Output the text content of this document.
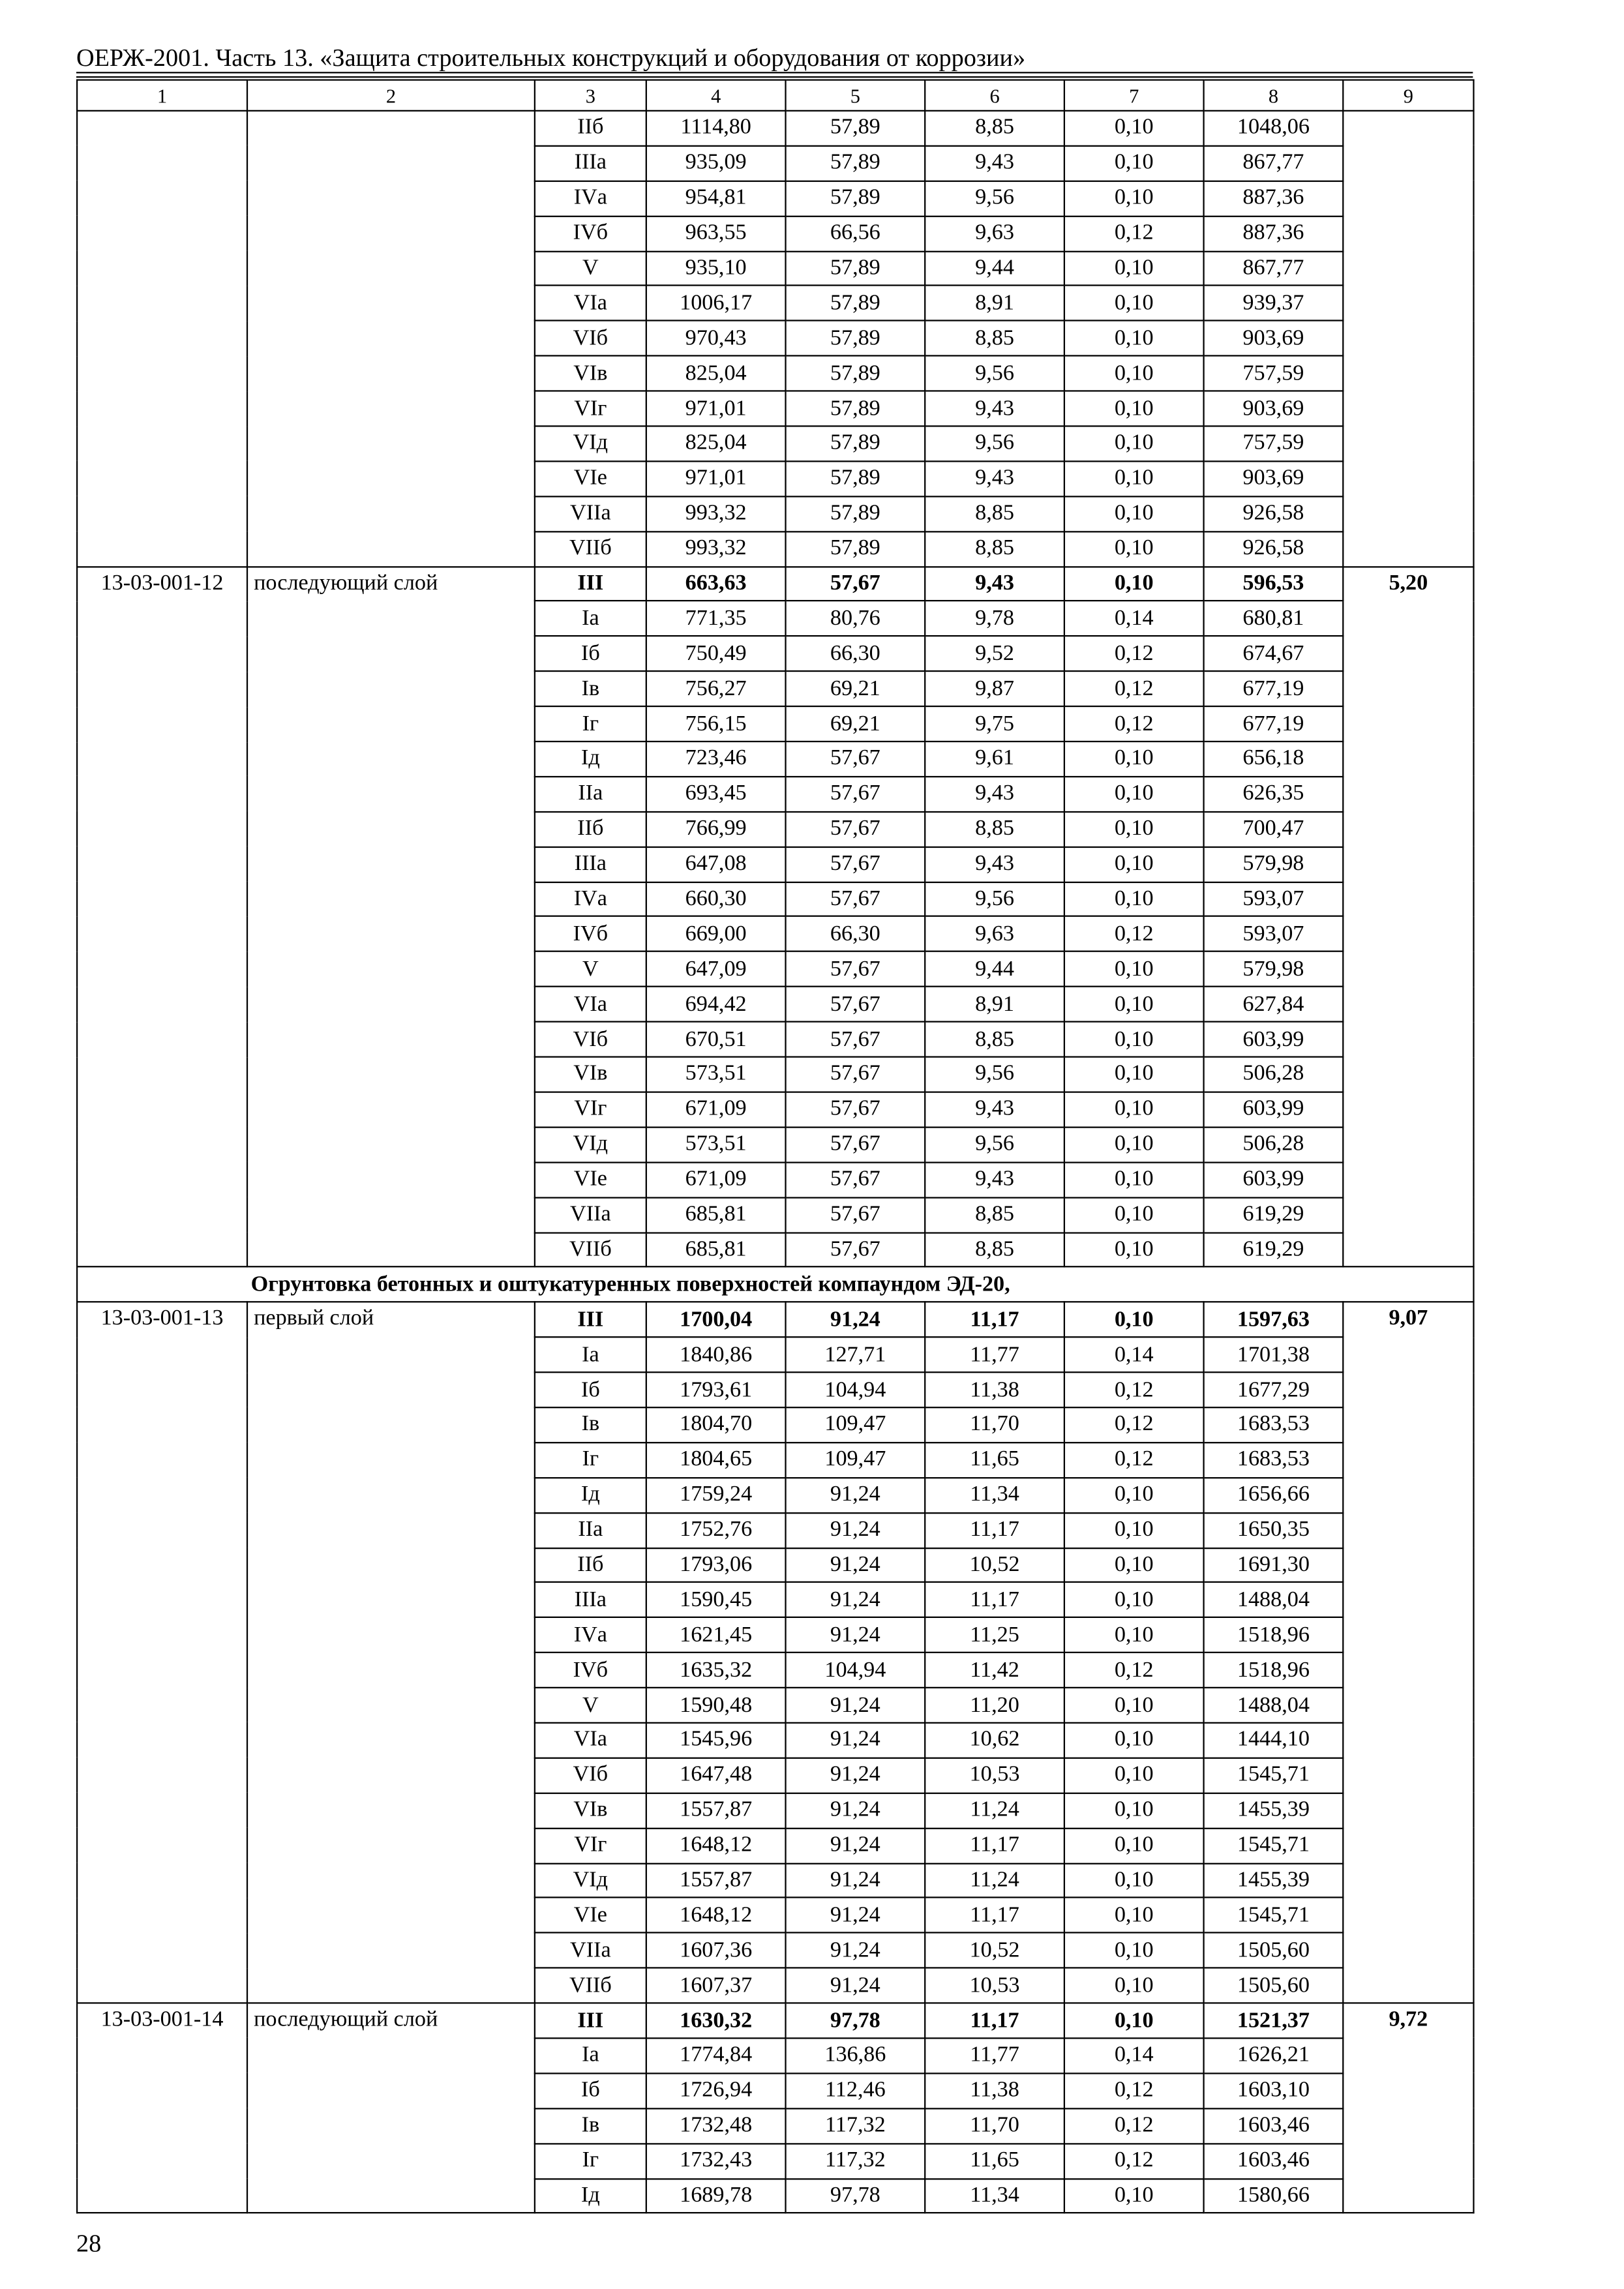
ОЕРЖ-2001. Часть 13. «Защита строительных конструкций и оборудования от коррозии»
1	2	3	4	5	6	7	8	9
		IIб	1114,80	57,89	8,85	0,10	1048,06	
		IIIа	935,09	57,89	9,43	0,10	867,77	
		IVа	954,81	57,89	9,56	0,10	887,36	
		IVб	963,55	66,56	9,63	0,12	887,36	
		V	935,10	57,89	9,44	0,10	867,77	
		VIа	1006,17	57,89	8,91	0,10	939,37	
		VIб	970,43	57,89	8,85	0,10	903,69	
		VIв	825,04	57,89	9,56	0,10	757,59	
		VIг	971,01	57,89	9,43	0,10	903,69	
		VIд	825,04	57,89	9,56	0,10	757,59	
		VIе	971,01	57,89	9,43	0,10	903,69	
		VIIа	993,32	57,89	8,85	0,10	926,58	
		VIIб	993,32	57,89	8,85	0,10	926,58	
13-03-001-12	последующий слой	III	663,63	57,67	9,43	0,10	596,53	5,20
		Iа	771,35	80,76	9,78	0,14	680,81	
		Iб	750,49	66,30	9,52	0,12	674,67	
		Iв	756,27	69,21	9,87	0,12	677,19	
		Iг	756,15	69,21	9,75	0,12	677,19	
		Iд	723,46	57,67	9,61	0,10	656,18	
		IIа	693,45	57,67	9,43	0,10	626,35	
		IIб	766,99	57,67	8,85	0,10	700,47	
		IIIа	647,08	57,67	9,43	0,10	579,98	
		IVа	660,30	57,67	9,56	0,10	593,07	
		IVб	669,00	66,30	9,63	0,12	593,07	
		V	647,09	57,67	9,44	0,10	579,98	
		VIа	694,42	57,67	8,91	0,10	627,84	
		VIб	670,51	57,67	8,85	0,10	603,99	
		VIв	573,51	57,67	9,56	0,10	506,28	
		VIг	671,09	57,67	9,43	0,10	603,99	
		VIд	573,51	57,67	9,56	0,10	506,28	
		VIе	671,09	57,67	9,43	0,10	603,99	
		VIIа	685,81	57,67	8,85	0,10	619,29	
		VIIб	685,81	57,67	8,85	0,10	619,29	
Огрунтовка бетонных и оштукатуренных поверхностей компаундом ЭД-20,								
13-03-001-13	первый слой	III	1700,04	91,24	11,17	0,10	1597,63	9,07
		Iа	1840,86	127,71	11,77	0,14	1701,38	
		Iб	1793,61	104,94	11,38	0,12	1677,29	
		Iв	1804,70	109,47	11,70	0,12	1683,53	
		Iг	1804,65	109,47	11,65	0,12	1683,53	
		Iд	1759,24	91,24	11,34	0,10	1656,66	
		IIа	1752,76	91,24	11,17	0,10	1650,35	
		IIб	1793,06	91,24	10,52	0,10	1691,30	
		IIIа	1590,45	91,24	11,17	0,10	1488,04	
		IVа	1621,45	91,24	11,25	0,10	1518,96	
		IVб	1635,32	104,94	11,42	0,12	1518,96	
		V	1590,48	91,24	11,20	0,10	1488,04	
		VIа	1545,96	91,24	10,62	0,10	1444,10	
		VIб	1647,48	91,24	10,53	0,10	1545,71	
		VIв	1557,87	91,24	11,24	0,10	1455,39	
		VIг	1648,12	91,24	11,17	0,10	1545,71	
		VIд	1557,87	91,24	11,24	0,10	1455,39	
		VIе	1648,12	91,24	11,17	0,10	1545,71	
		VIIа	1607,36	91,24	10,52	0,10	1505,60	
		VIIб	1607,37	91,24	10,53	0,10	1505,60	
13-03-001-14	последующий слой	III	1630,32	97,78	11,17	0,10	1521,37	9,72
		Iа	1774,84	136,86	11,77	0,14	1626,21	
		Iб	1726,94	112,46	11,38	0,12	1603,10	
		Iв	1732,48	117,32	11,70	0,12	1603,46	
		Iг	1732,43	117,32	11,65	0,12	1603,46	
		Iд	1689,78	97,78	11,34	0,10	1580,66	
28
